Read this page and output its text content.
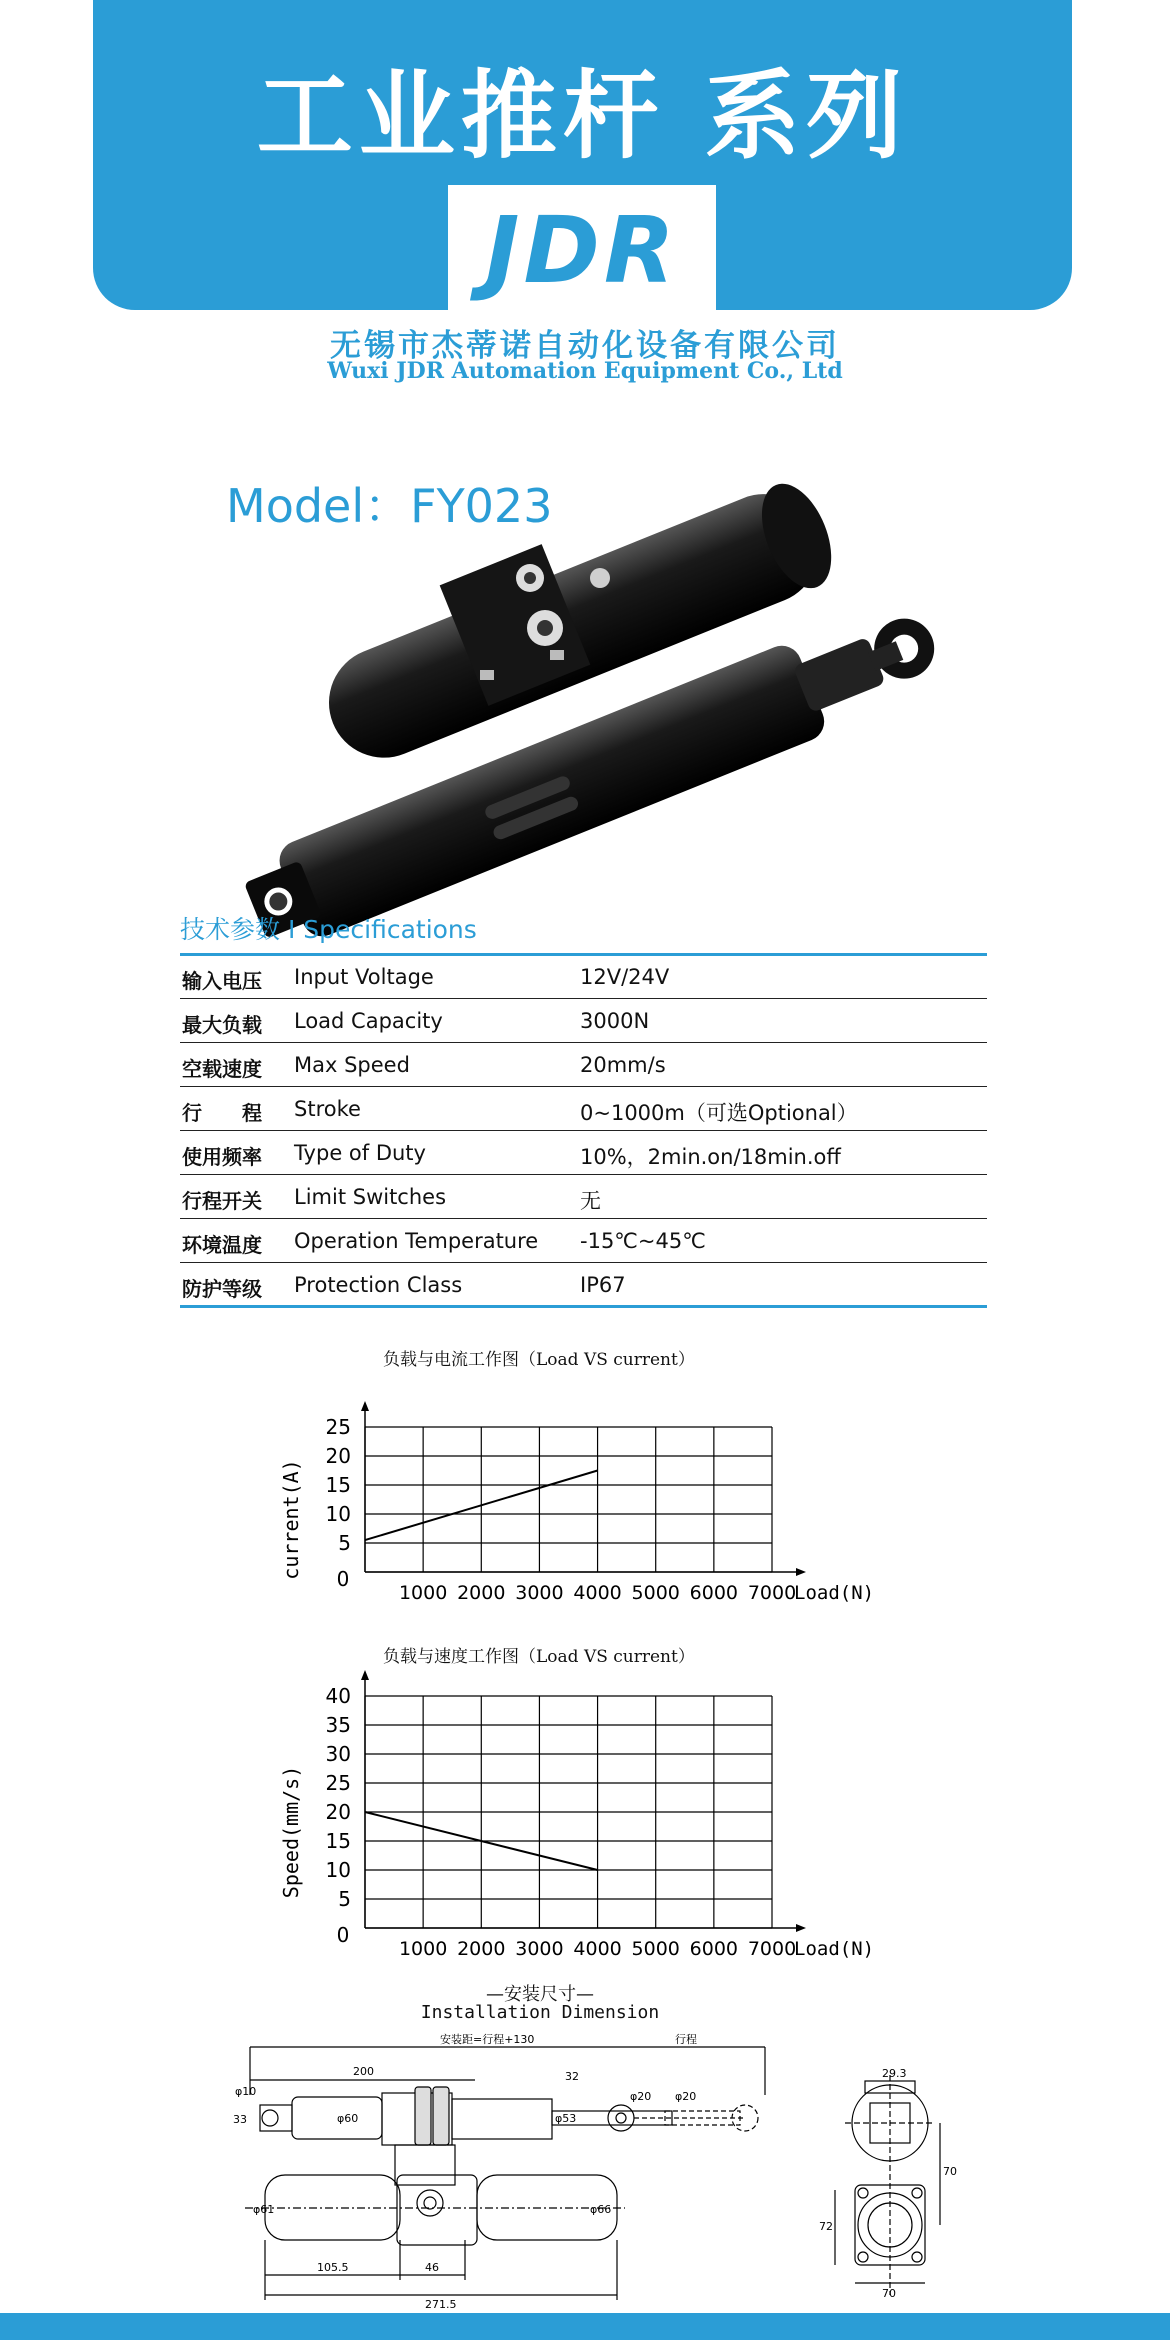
工业推杆 系列
JDR
无锡市杰蒂诺自动化设备有限公司
Wuxi JDR Automation Equipment Co., Ltd
Model：FY023
技术参数 I Specifications
输入电压 Input Voltage	12V/24V
最大负载 Load Capacity	3000N
空载速度 Max Speed	20mm/s
行　　程 Stroke	0~1000m（可选Optional）
使用频率 Type of Duty	10%，2min.on/18min.off
行程开关 Limit Switches	无
环境温度 Operation Temperature -15℃~45℃
防护等级 Protection Class	IP67
负载与电流工作图（Load VS current）
1000 2000 3000 4000 5000 6000 7000
5
10
15
20
25
0
Load(N)
current(A)
负载与速度工作图（Load VS current）
1000 2000 3000 4000 5000 6000 7000
5
10
15
20
25
30
35
40
0
Load(N)
Speed(mm/s)
—安装尺寸—
Installation Dimension
安装距=行程+130	行程
200
33
φ10
φ60	φ53
32
φ20 φ20
φ61	φ66
105.5	46
271.5
29.3
70
72
70
